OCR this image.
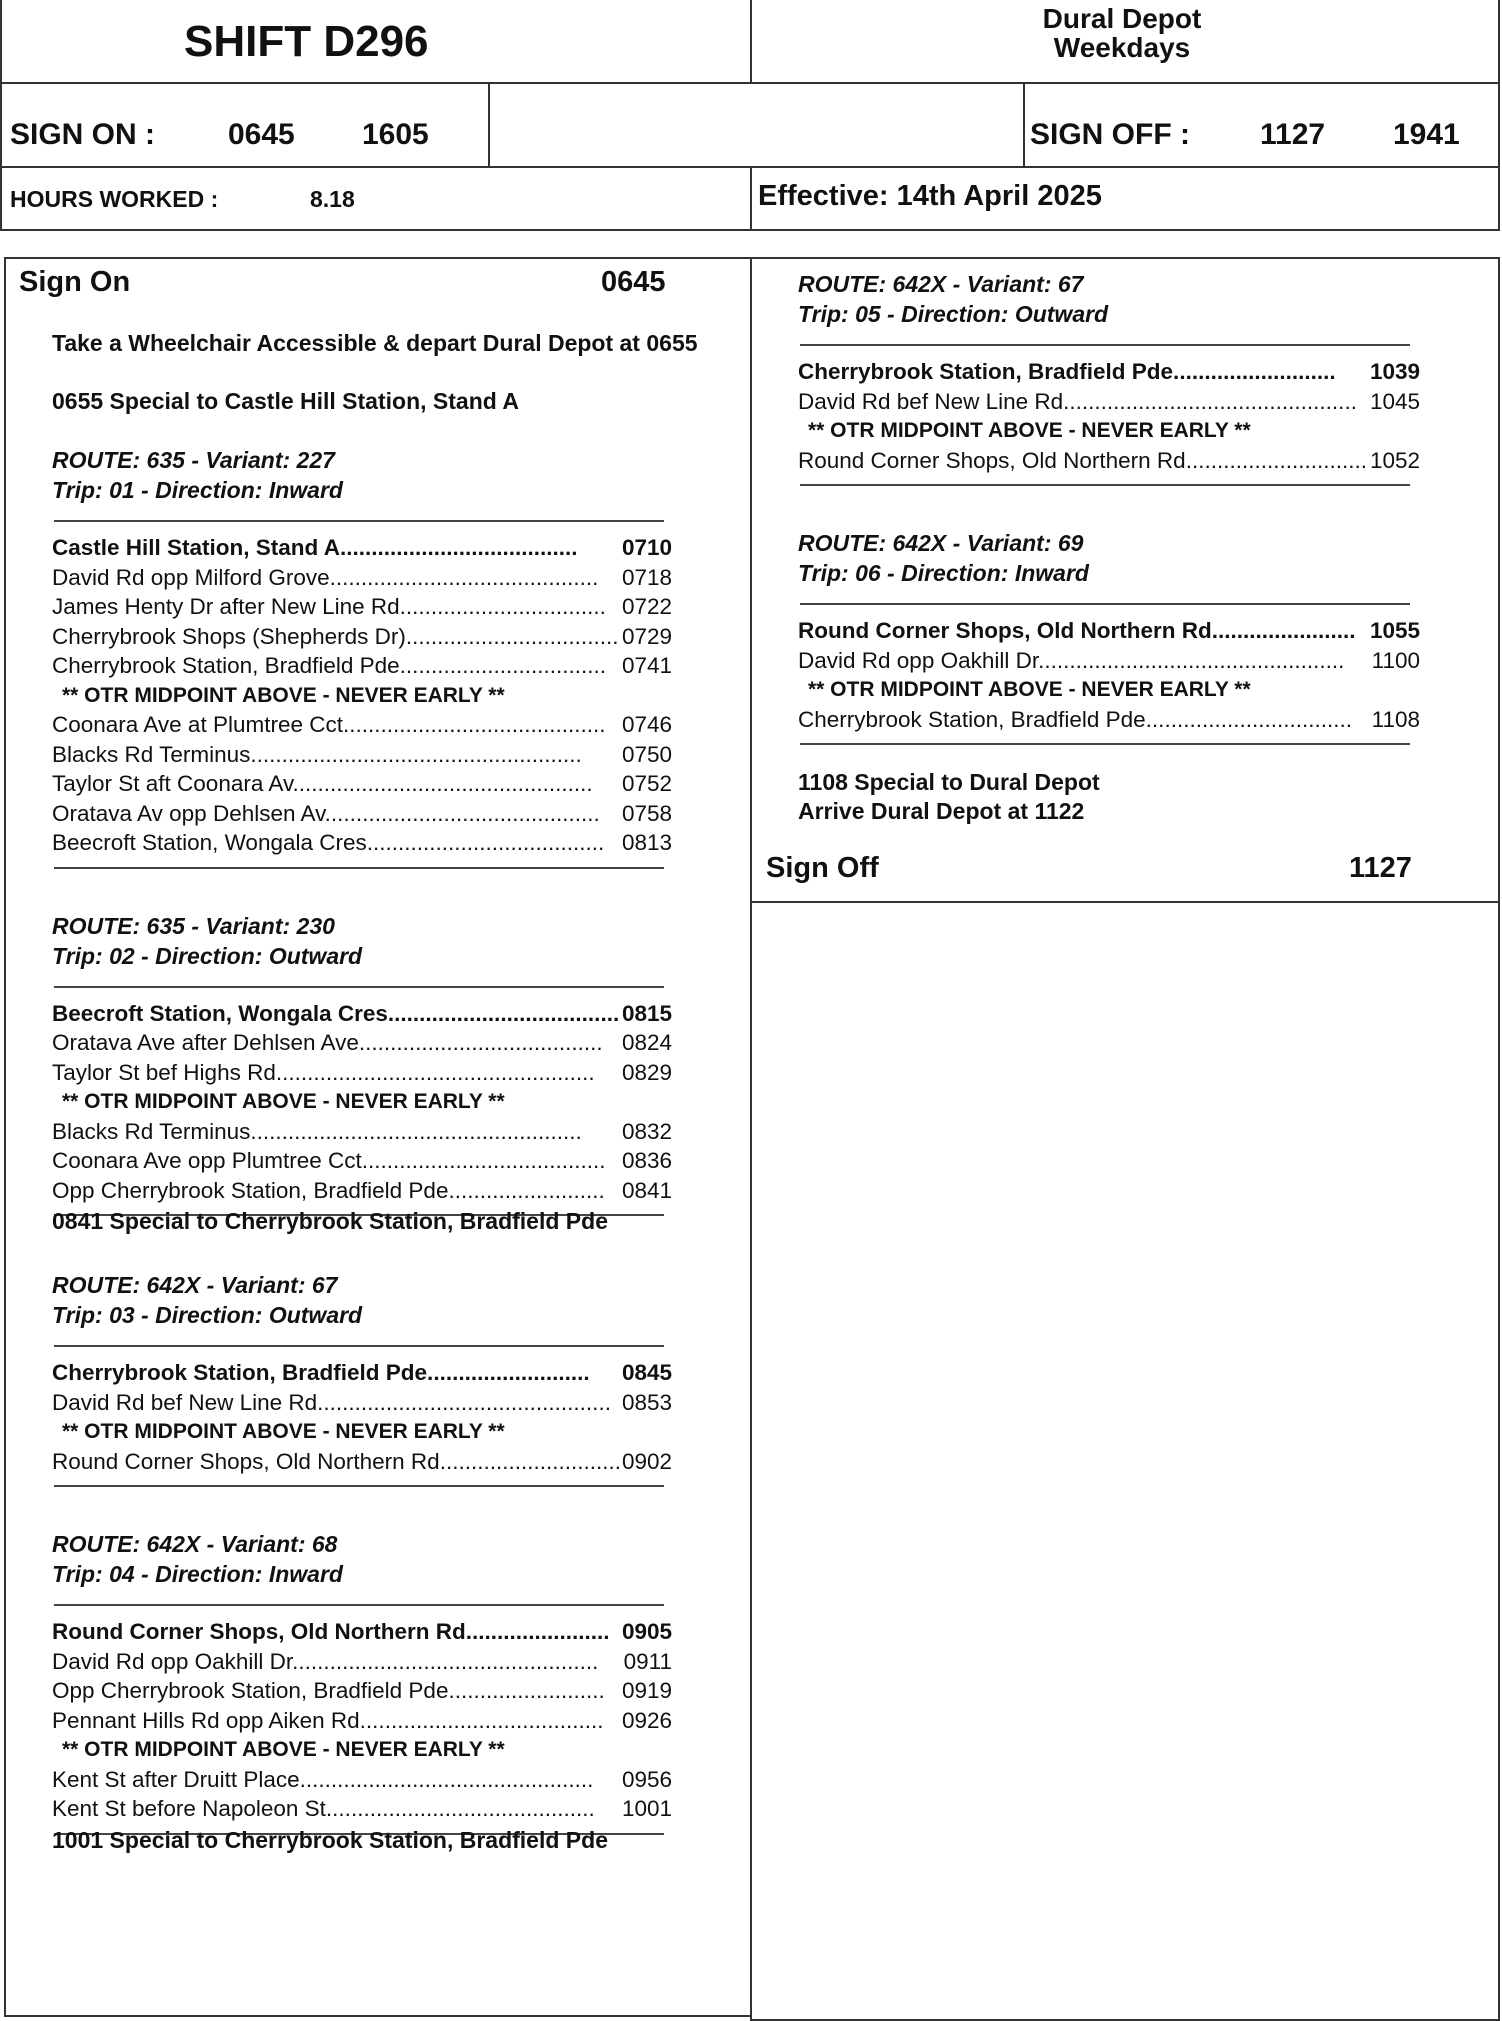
SHIFT D296	Dural Depot
Weekdays
SIGN ON : 0645 1605	SIGN OFF : 1127 1941
HOURS WORKED :	8.18	Effective: 14th April 2025
Sign On	0645
Take a Wheelchair Accessible & depart Dural Depot at 0655
0655 Special to Castle Hill Station, Stand A
ROUTE: 635 - Variant: 227
Trip: 01 - Direction: Inward
Castle Hill Station, Stand A......................................	0710
David Rd opp Milford Grove...........................................	0718
James Henty Dr after New Line Rd................................. 0722
Cherrybrook Shops (Shepherds Dr).................................. 0729
Cherrybrook Station, Bradfield Pde................................. 0741
** OTR MIDPOINT ABOVE - NEVER EARLY **
Coonara Ave at Plumtree Cct.......................................... 0746
Blacks Rd Terminus.....................................................	0750
Taylor St aft Coonara Av................................................	0752
Oratava Av opp Dehlsen Av............................................ 0758
Beecroft Station, Wongala Cres...................................... 0813
ROUTE: 635 - Variant: 230
Trip: 02 - Direction: Outward
Beecroft Station, Wongala Cres..................................... 0815
Oratava Ave after Dehlsen Ave....................................... 0824
Taylor St bef Highs Rd...................................................	0829
** OTR MIDPOINT ABOVE - NEVER EARLY **
Blacks Rd Terminus.....................................................	0832
Coonara Ave opp Plumtree Cct....................................... 0836
Opp Cherrybrook Station, Bradfield Pde......................... 0841
0841 Special to Cherrybrook Station, Bradfield Pde
ROUTE: 642X - Variant: 67
Trip: 03 - Direction: Outward
Cherrybrook Station, Bradfield Pde..........................	0845
David Rd bef New Line Rd............................................... 0853
** OTR MIDPOINT ABOVE - NEVER EARLY **
Round Corner Shops, Old Northern Rd............................. 0902
ROUTE: 642X - Variant: 68
Trip: 04 - Direction: Inward
Round Corner Shops, Old Northern Rd....................... 0905
David Rd opp Oakhill Dr.................................................	0911
Opp Cherrybrook Station, Bradfield Pde......................... 0919
Pennant Hills Rd opp Aiken Rd....................................... 0926
** OTR MIDPOINT ABOVE - NEVER EARLY **
Kent St after Druitt Place...............................................	0956
Kent St before Napoleon St...........................................	1001
1001 Special to Cherrybrook Station, Bradfield Pde
ROUTE: 642X - Variant: 67
Trip: 05 - Direction: Outward
Cherrybrook Station, Bradfield Pde..........................	1039
David Rd bef New Line Rd............................................... 1045
** OTR MIDPOINT ABOVE - NEVER EARLY **
Round Corner Shops, Old Northern Rd............................. 1052
ROUTE: 642X - Variant: 69
Trip: 06 - Direction: Inward
Round Corner Shops, Old Northern Rd....................... 1055
David Rd opp Oakhill Dr.................................................	1100
** OTR MIDPOINT ABOVE - NEVER EARLY **
Cherrybrook Station, Bradfield Pde................................. 1108
1108 Special to Dural Depot
Arrive Dural Depot at 1122
Sign Off	1127
